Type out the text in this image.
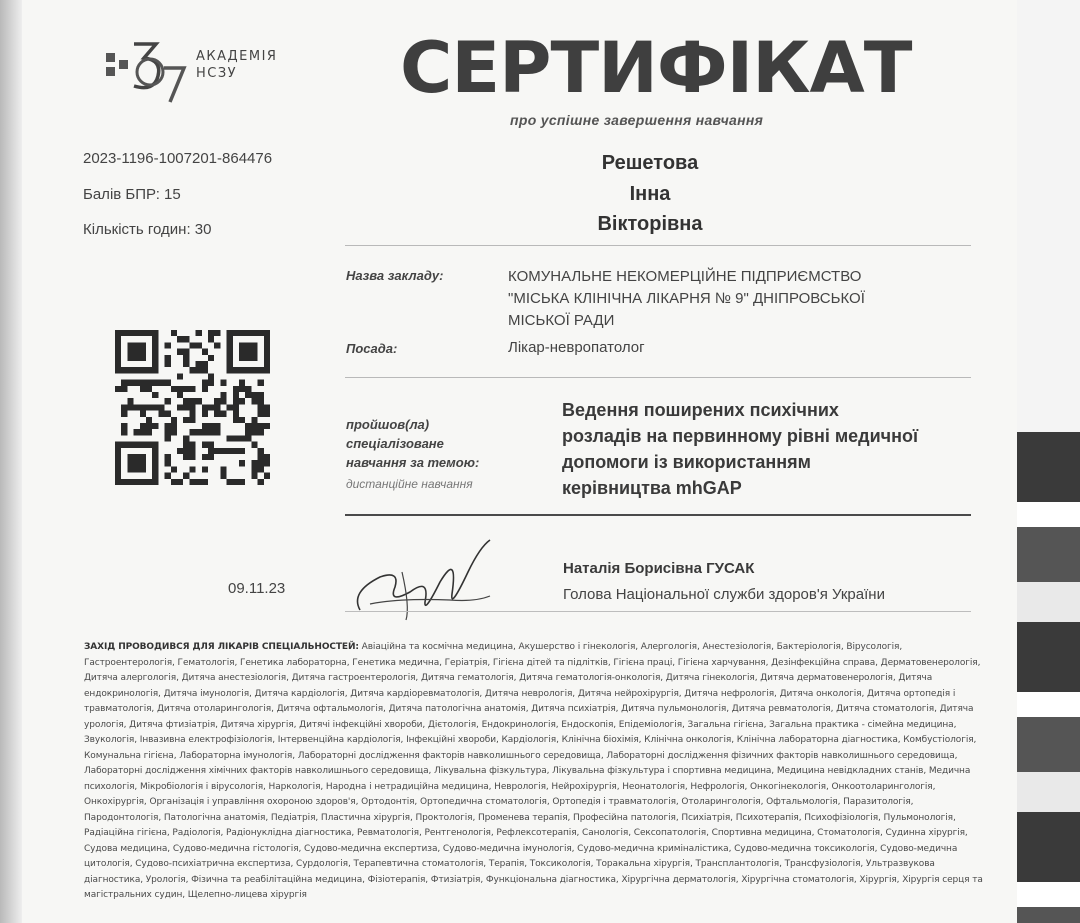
АКАДЕМІЯ
НСЗУ	СЕРТИФІКАТ
про успішне завершення навчання
2023-1196-1007201-864476
Балів БПР: 15
Кількість годин: 30
Решетова
Інна
Вікторівна
Назва закладу:	КОМУНАЛЬНЕ НЕКОМЕРЦІЙНЕ ПІДПРИЄМСТВО
"МІСЬКА КЛІНІЧНА ЛІКАРНЯ № 9" ДНІПРОВСЬКОЇ
МІСЬКОЇ РАДИ
Посада:	Лікар-невропатолог
пройшов(ла)
спеціалізоване
навчання за темою:
дистанційне навчання
Ведення поширених психічних
розладів на первинному рівні медичної
допомоги із використанням
керівництва mhGAP
09.11.23
Наталія Борисівна ГУСАК
Голова Національної служби здоров'я України
ЗАХІД ПРОВОДИВСЯ ДЛЯ ЛІКАРІВ СПЕЦІАЛЬНОСТЕЙ: Авіаційна та космічна медицина, Акушерство і гінекологія, Алергологія, Анестезіологія, Бактеріологія, Вірусологія, Гастроентерологія, Гематологія, Генетика лабораторна, Генетика медична, Геріатрія, Гігієна дітей та підлітків, Гігієна праці, Гігієна харчування, Дезінфекційна справа, Дерматовенерологія, Дитяча алергологія, Дитяча анестезіологія, Дитяча гастроентерологія, Дитяча гематологія, Дитяча гематологія-онкологія, Дитяча гінекологія, Дитяча дерматовенерологія, Дитяча ендокринологія, Дитяча імунологія, Дитяча кардіологія, Дитяча кардіоревматологія, Дитяча неврологія, Дитяча нейрохірургія, Дитяча нефрологія, Дитяча онкологія, Дитяча ортопедія і травматологія, Дитяча отоларингологія, Дитяча офтальмологія, Дитяча патологічна анатомія, Дитяча психіатрія, Дитяча пульмонологія, Дитяча ревматологія, Дитяча стоматологія, Дитяча урологія, Дитяча фтизіатрія, Дитяча хірургія, Дитячі інфекційні хвороби, Дієтологія, Ендокринологія, Ендоскопія, Епідеміологія, Загальна гігієна, Загальна практика - сімейна медицина, Звукологія, Інвазивна електрофізіологія, Інтервенційна кардіологія, Інфекційні хвороби, Кардіологія, Клінічна біохімія, Клінічна онкологія, Клінічна лабораторна діагностика, Комбустіологія, Комунальна гігієна, Лабораторна імунологія, Лабораторні дослідження факторів навколишнього середовища, Лабораторні дослідження фізичних факторів навколишнього середовища, Лабораторні дослідження хімічних факторів навколишнього середовища, Лікувальна фізкультура, Лікувальна фізкультура і спортивна медицина, Медицина невідкладних станів, Медична психологія, Мікробіологія і вірусологія, Наркологія, Народна і нетрадиційна медицина, Неврологія, Нейрохірургія, Неонатологія, Нефрологія, Онкогінекологія, Онкоотоларингологія, Онкохірургія, Організація і управління охороною здоров'я, Ортодонтія, Ортопедична стоматологія, Ортопедія і травматологія, Отоларингологія, Офтальмологія, Паразитологія, Пародонтологія, Патологічна анатомія, Педіатрія, Пластична хірургія, Проктологія, Променева терапія, Професійна патологія, Психіатрія, Психотерапія, Психофізіологія, Пульмонологія, Радіаційна гігієна, Радіологія, Радіонуклідна діагностика, Ревматологія, Рентгенологія, Рефлексотерапія, Санологія, Сексопатологія, Спортивна медицина, Стоматологія, Судинна хірургія, Судова медицина, Судово-медична гістологія, Судово-медична експертиза, Судово-медична імунологія, Судово-медична криміналістика, Судово-медична токсикологія, Судово-медична цитологія, Судово-психіатрична експертиза, Сурдологія, Терапевтична стоматологія, Терапія, Токсикологія, Торакальна хірургія, Трансплантологія, Трансфузіологія, Ультразвукова діагностика, Урологія, Фізична та реабілітаційна медицина, Фізіотерапія, Фтизіатрія, Функціональна діагностика, Хірургічна дерматологія, Хірургічна стоматологія, Хірургія, Хірургія серця та магістральних судин, Щелепно-лицева хірургія
